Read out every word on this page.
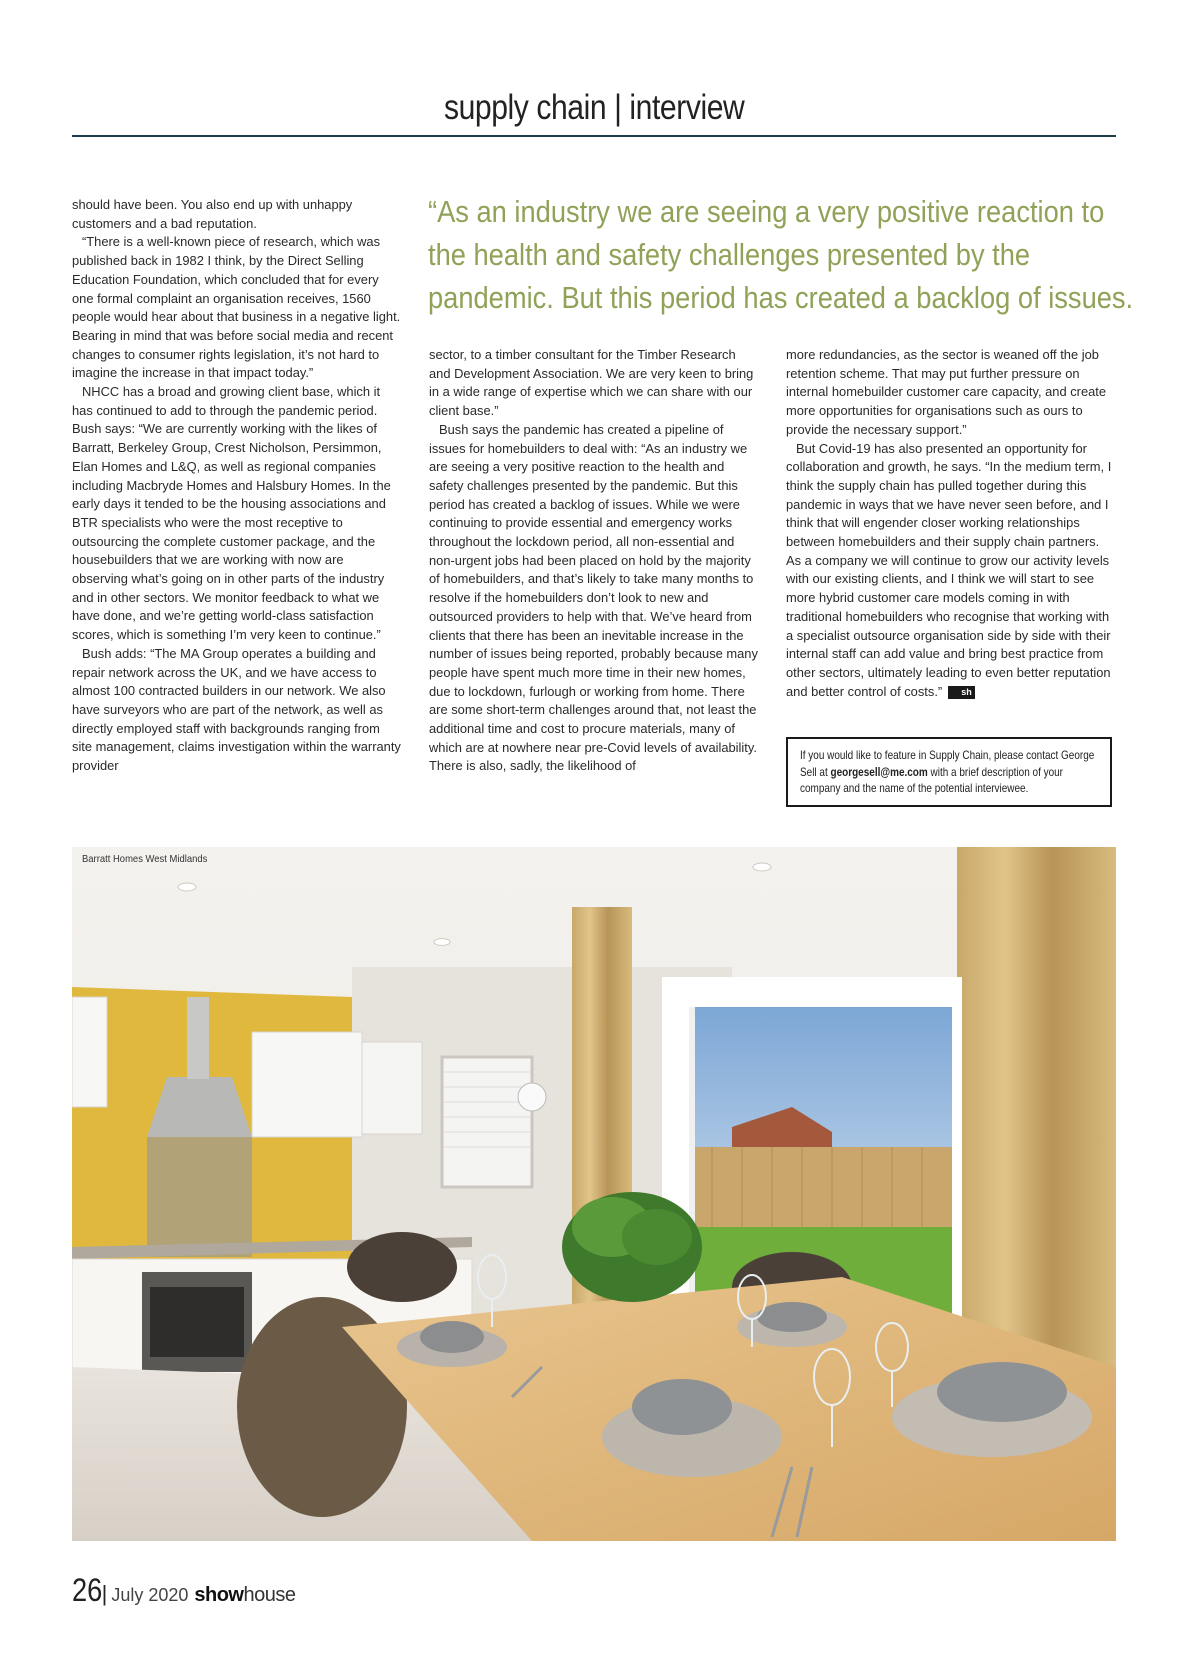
supply chain | interview

should have been. You also end up with unhappy customers and a bad reputation.

“There is a well-known piece of research, which was published back in 1982 I think, by the Direct Selling Education Foundation, which concluded that for every one formal complaint an organisation receives, 1560 people would hear about that business in a negative light. Bearing in mind that was before social media and recent changes to consumer rights legislation, it’s not hard to imagine the increase in that impact today.”

NHCC has a broad and growing client base, which it has continued to add to through the pandemic period. Bush says: “We are currently working with the likes of Barratt, Berkeley Group, Crest Nicholson, Persimmon, Elan Homes and L&Q, as well as regional companies including Macbryde Homes and Halsbury Homes. In the early days it tended to be the housing associations and BTR specialists who were the most receptive to outsourcing the complete customer package, and the housebuilders that we are working with now are observing what’s going on in other parts of the industry and in other sectors. We monitor feedback to what we have done, and we’re getting world-class satisfaction scores, which is something I’m very keen to continue.”

Bush adds: “The MA Group operates a building and repair network across the UK, and we have access to almost 100 contracted builders in our network. We also have surveyors who are part of the network, as well as directly employed staff with backgrounds ranging from site management, claims investigation within the warranty provider

“As an industry we are seeing a very positive reaction to
the health and safety challenges presented by the
pandemic. But this period has created a backlog of issues.

sector, to a timber consultant for the Timber Research and Development Association. We are very keen to bring in a wide range of expertise which we can share with our client base.”

Bush says the pandemic has created a pipeline of issues for homebuilders to deal with: “As an industry we are seeing a very positive reaction to the health and safety challenges presented by the pandemic. But this period has created a backlog of issues. While we were continuing to provide essential and emergency works throughout the lockdown period, all non-essential and non-urgent jobs had been placed on hold by the majority of homebuilders, and that’s likely to take many months to resolve if the homebuilders don’t look to new and outsourced providers to help with that. We’ve heard from clients that there has been an inevitable increase in the number of issues being reported, probably because many people have spent much more time in their new homes, due to lockdown, furlough or working from home. There are some short-term challenges around that, not least the additional time and cost to procure materials, many of which are at nowhere near pre-Covid levels of availability. There is also, sadly, the likelihood of

more redundancies, as the sector is weaned off the job retention scheme. That may put further pressure on internal homebuilder customer care capacity, and create more opportunities for organisations such as ours to provide the necessary support.”

But Covid-19 has also presented an opportunity for collaboration and growth, he says. “In the medium term, I think the supply chain has pulled together during this pandemic in ways that we have never seen before, and I think that will engender closer working relationships between homebuilders and their supply chain partners. As a company we will continue to grow our activity levels with our existing clients, and I think we will start to see more hybrid customer care models coming in with traditional homebuilders who recognise that working with a specialist outsource organisation side by side with their internal staff can add value and bring best practice from other sectors, ultimately leading to even better reputation and better control of costs.” sh

If you would like to feature in Supply Chain, please contact George Sell at georgesell@me.com with a brief description of your company and the name of the potential interviewee.
Barratt Homes West Midlands
26| July 2020 showhouse
